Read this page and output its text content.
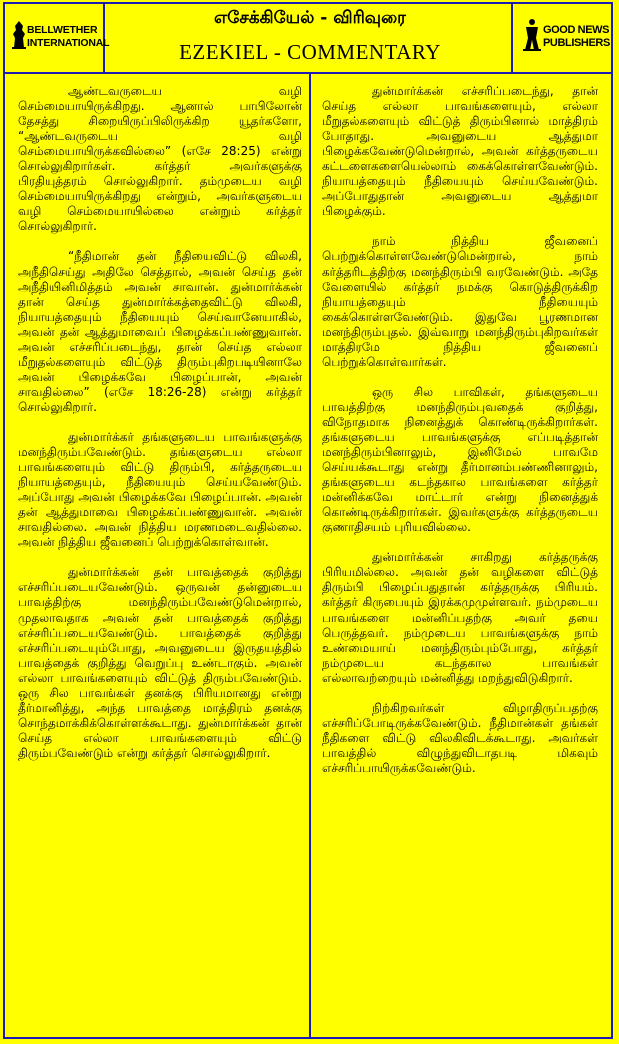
BELLWETHER INTERNATIONAL
எசேக்கியேல் - விரிவுரை
EZEKIEL - COMMENTARY
GOOD NEWS PUBLISHERS

ஆண்டவருடைய வழி செம்மையாயிருக்கிறது. ஆனால் பாபிலோன் தேசத்து சிறையிருப்பிலிருக்கிற யூதர்களோ, “ஆண்டவருடைய வழி செம்மையாயிருக்கவில்லை” (எசே 28:25) என்று சொல்லுகிறார்கள். கர்த்தர் அவர்களுக்கு பிரதியுத்தரம் சொல்லுகிறார். தம்முடைய வழி செம்மையாயிருக்கிறது என்றும், அவர்களுடைய வழி செம்மையாயில்லை என்றும் கர்த்தர் சொல்லுகிறார்.

“நீதிமான் தன் நீதியைவிட்டு விலகி, அநீதிசெய்து அதிலே செத்தால், அவன் செய்த தன் அநீதியினிமித்தம் அவன் சாவான். துன்மார்க்கன் தான் செய்த துன்மார்க்கத்தைவிட்டு விலகி, நியாயத்தையும் நீதியையும் செய்வானேயாகில், அவன் தன் ஆத்துமாவைப் பிழைக்கப்பண்ணுவான். அவன் எச்சரிப்படைந்து, தான் செய்த எல்லா மீறுதல்களையும் விட்டுத் திரும்புகிறபடியினாலே அவன் பிழைக்கவே பிழைப்பான், அவன் சாவதில்லை” (எசே 18:26-28) என்று கர்த்தர் சொல்லுகிறார்.

துன்மார்க்கர் தங்களுடைய பாவங்களுக்கு மனந்திரும்பவேண்டும். தங்களுடைய எல்லா பாவங்களையும் விட்டு திரும்பி, கர்த்தருடைய நியாயத்தையும், நீதியையும் செய்யவேண்டும். அப்போது அவன் பிழைக்கவே பிழைப்பான். அவன் தன் ஆத்துமாவை பிழைக்கப்பண்ணுவான். அவன் சாவதில்லை. அவன் நித்திய மரணமடைவதில்லை. அவன் நித்திய ஜீவனைப் பெற்றுக்கொள்வான்.

துன்மார்க்கன் தன் பாவத்தைக் குறித்து எச்சரிப்படையவேண்டும். ஒருவன் தன்னுடைய பாவத்திற்கு மனந்திரும்பவேண்டுமென்றால், முதலாவதாக அவன் தன் பாவத்தைக் குறித்து எச்சரிப்படையவேண்டும். பாவத்தைக் குறித்து எச்சரிப்படையும்போது, அவனுடைய இருதயத்தில் பாவத்தைக் குறித்து வெறுப்பு உண்டாகும். அவன் எல்லா பாவங்களையும் விட்டுத் திரும்பவேண்டும். ஒரு சில பாவங்கள் தனக்கு பிரியமானது என்று தீர்மானித்து, அந்த பாவத்தை மாத்திரம் தனக்கு சொந்தமாக்கிக்கொள்ளக்கூடாது. துன்மார்க்கன் தான் செய்த எல்லா பாவங்களையும் விட்டு திரும்பவேண்டும் என்று கர்த்தர் சொல்லுகிறார்.

துன்மார்க்கன் எச்சரிப்படைந்து, தான் செய்த எல்லா பாவங்களையும், எல்லா மீறுதல்களையும் விட்டுத் திரும்பினால் மாத்திரம் போதாது. அவனுடைய ஆத்துமா பிழைக்கவேண்டுமென்றால், அவன் கர்த்தருடைய கட்டளைகளையெல்லாம் கைக்கொள்ளவேண்டும். நியாயத்தையும் நீதியையும் செய்யவேண்டும். அப்போதுதான் அவனுடைய ஆத்துமா பிழைக்கும்.

நாம் நித்திய ஜீவனைப் பெற்றுக்கொள்ளவேண்டுமென்றால், நாம் கர்த்தரிடத்திற்கு மனந்திரும்பி வரவேண்டும். அதே வேளையில் கர்த்தர் நமக்கு கொடுத்திருக்கிற நியாயத்தையும் நீதியையும் கைக்கொள்ளவேண்டும். இதுவே பூரணமான மனந்திரும்புதல். இவ்வாறு மனந்திரும்புகிறவர்கள் மாத்திரமே நித்திய ஜீவனைப் பெற்றுக்கொள்வார்கள்.

ஒரு சில பாவிகள், தங்களுடைய பாவத்திற்கு மனந்திரும்புவதைக் குறித்து, விநோதமாக நினைத்துக் கொண்டிருக்கிறார்கள். தங்களுடைய பாவங்களுக்கு எப்படித்தான் மனந்திரும்பினாலும், இனிமேல் பாவமே செய்யக்கூடாது என்று தீர்மானம்பண்ணினாலும், தங்களுடைய கடந்தகால பாவங்களை கர்த்தர் மன்னிக்கவே மாட்டார் என்று நினைத்துக் கொண்டிருக்கிறார்கள். இவர்களுக்கு கர்த்தருடைய குணாதிசயம் புரியவில்லை.

துன்மார்க்கன் சாகிறது கர்த்தருக்கு பிரியமில்லை. அவன் தன் வழிகளை விட்டுத் திரும்பி பிழைப்பதுதான் கர்த்தருக்கு பிரியம். கர்த்தர் கிருபையும் இரக்கமுமுள்ளவர். நம்முடைய பாவங்களை மன்னிப்பதற்கு அவர் தயை பெருத்தவர். நம்முடைய பாவங்களுக்கு நாம் உண்மையாய் மனந்திரும்பும்போது, கர்த்தர் நம்முடைய கடந்தகால பாவங்கள் எல்லாவற்றையும் மன்னித்து மறந்துவிடுகிறார்.

நிற்கிறவர்கள் விழாதிருப்பதற்கு எச்சரிப்போடிருக்கவேண்டும். நீதிமான்கள் தங்கள் நீதிகளை விட்டு விலகிவிடக்கூடாது. அவர்கள் பாவத்தில் விழுந்துவிடாதபடி மிகவும் எச்சரிப்பாயிருக்கவேண்டும்.
